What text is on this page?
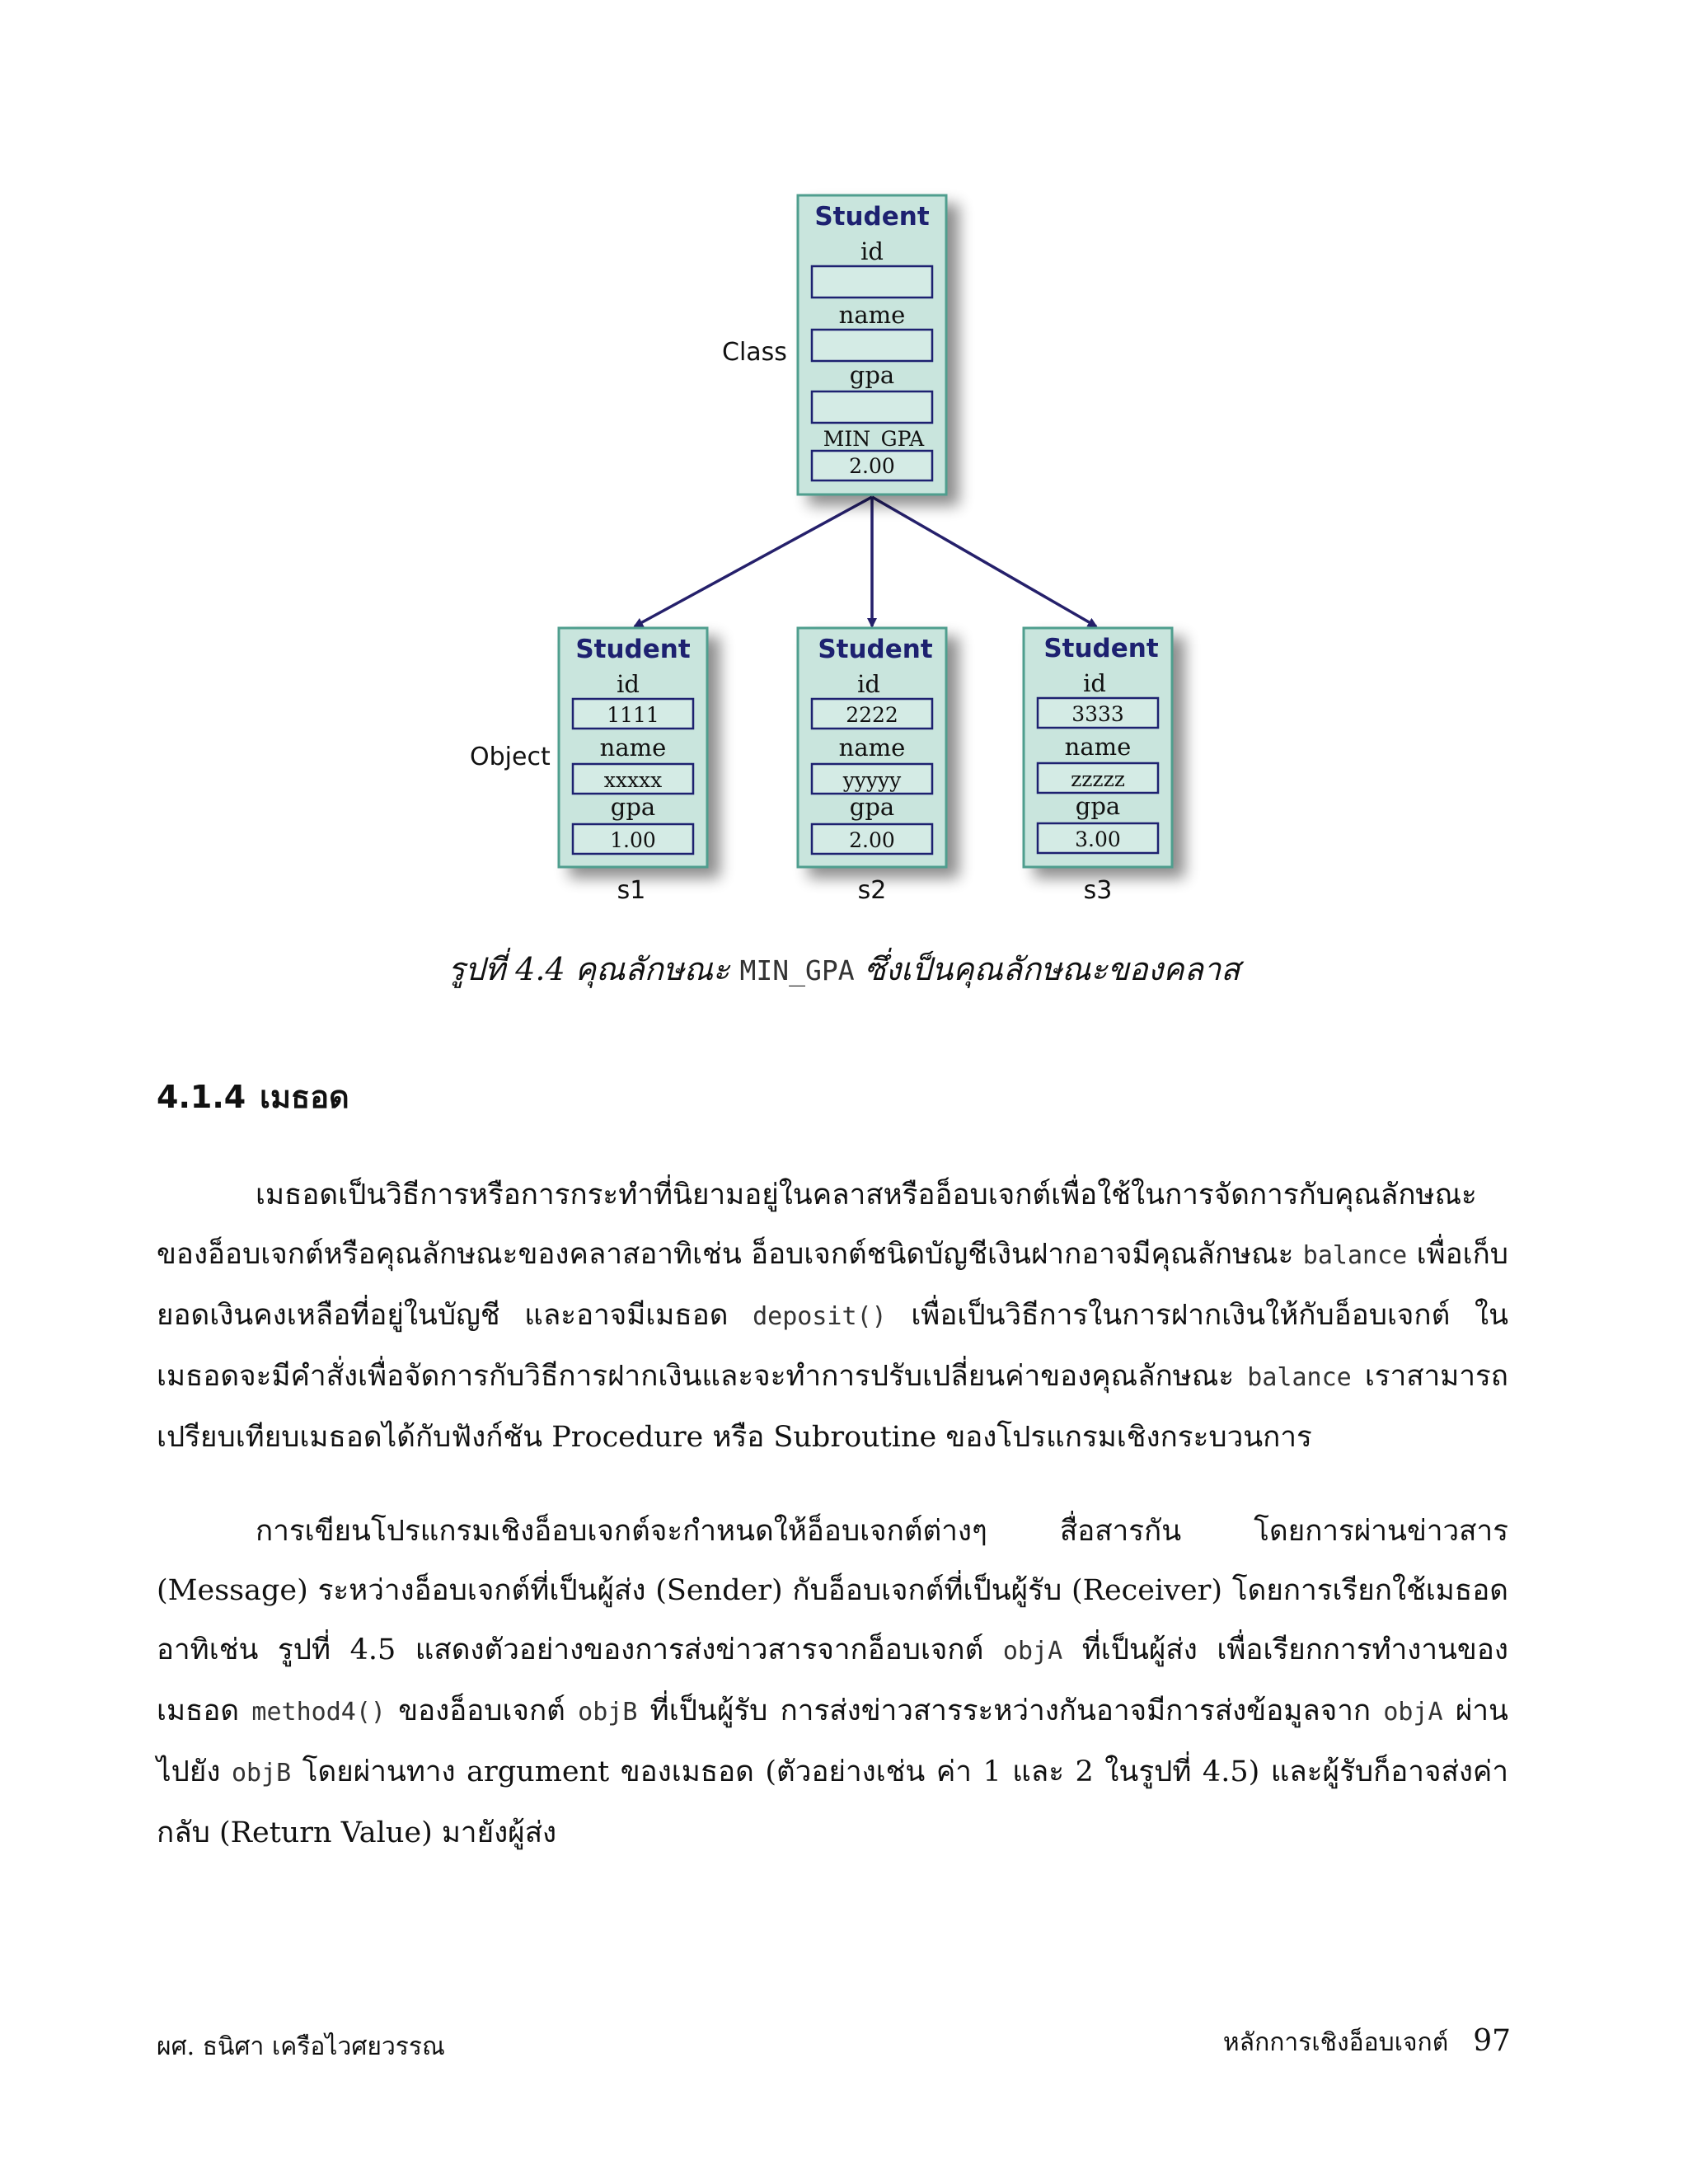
Class
Object
Student
id
name
gpa
MIN_GPA
2.00
Student
id
1111
name
xxxxx
gpa
1.00
s1
Student
id
2222
name
yyyyy
gpa
2.00
s2
Student
id
3333
name
zzzzz
gpa
3.00
s3
รูปที่ 4.4 คุณลักษณะ MIN_GPA ซึ่งเป็นคุณลักษณะของคลาส
4.1.4 เมธอด

เมธอดเป็นวิธีการหรือการกระทำที่นิยามอยู่ในคลาสหรืออ็อบเจกต์เพื่อใช้ในการจัดการกับคุณลักษณะของอ็อบเจกต์หรือคุณลักษณะของคลาสอาทิเช่น อ็อบเจกต์ชนิดบัญชีเงินฝากอาจมีคุณลักษณะ balance เพื่อเก็บยอดเงินคงเหลือที่อยู่ในบัญชี และอาจมีเมธอด deposit() เพื่อเป็นวิธีการในการฝากเงินให้กับอ็อบเจกต์ ในเมธอดจะมีคำสั่งเพื่อจัดการกับวิธีการฝากเงินและจะทำการปรับเปลี่ยนค่าของคุณลักษณะ balance เราสามารถเปรียบเทียบเมธอดได้กับฟังก์ชัน Procedure หรือ Subroutine ของโปรแกรมเชิงกระบวนการ

การเขียนโปรแกรมเชิงอ็อบเจกต์จะกำหนดให้อ็อบเจกต์ต่างๆ สื่อสารกัน โดยการผ่านข่าวสาร (Message) ระหว่างอ็อบเจกต์ที่เป็นผู้ส่ง (Sender) กับอ็อบเจกต์ที่เป็นผู้รับ (Receiver) โดยการเรียกใช้เมธอดอาทิเช่น รูปที่ 4.5 แสดงตัวอย่างของการส่งข่าวสารจากอ็อบเจกต์ objA ที่เป็นผู้ส่ง เพื่อเรียกการทำงานของเมธอด method4() ของอ็อบเจกต์ objB ที่เป็นผู้รับ การส่งข่าวสารระหว่างกันอาจมีการส่งข้อมูลจาก objA ผ่านไปยัง objB โดยผ่านทาง argument ของเมธอด (ตัวอย่างเช่น ค่า 1 และ 2 ในรูปที่ 4.5) และผู้รับก็อาจส่งค่ากลับ (Return Value) มายังผู้ส่ง

ผศ. ธนิศา เครือไวศยวรรณ	หลักการเชิงอ็อบเจกต์ 97
